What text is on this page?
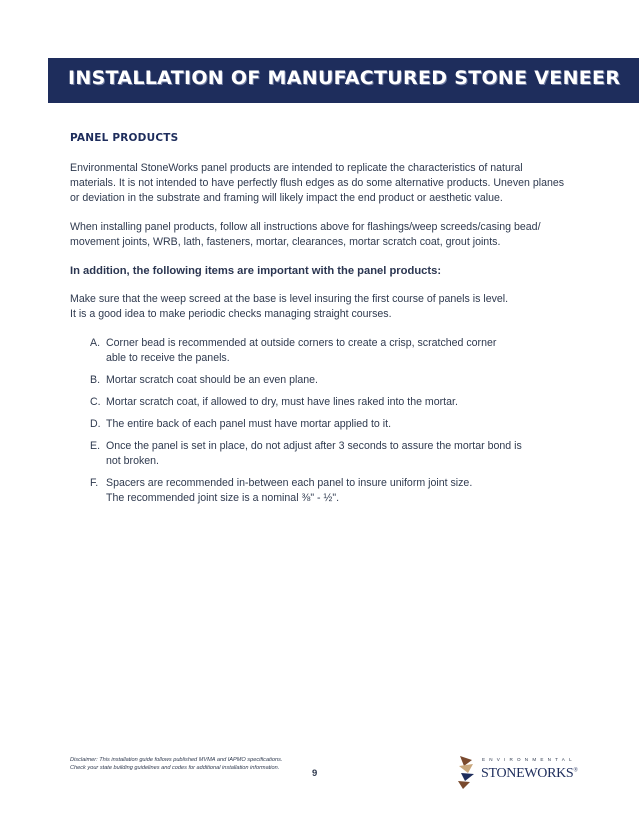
INSTALLATION OF MANUFACTURED STONE VENEER
PANEL PRODUCTS

Environmental StoneWorks panel products are intended to replicate the characteristics of natural materials. It is not intended to have perfectly flush edges as do some alternative products. Uneven planes or deviation in the substrate and framing will likely impact the end product or aesthetic value.

When installing panel products, follow all instructions above for flashings/weep screeds/casing bead/ movement joints, WRB, lath, fasteners, mortar, clearances, mortar scratch coat, grout joints.

In addition, the following items are important with the panel products:

Make sure that the weep screed at the base is level insuring the first course of panels is level.
It is a good idea to make periodic checks managing straight courses.

A. Corner bead is recommended at outside corners to create a crisp, scratched corner
able to receive the panels.
B. Mortar scratch coat should be an even plane.
C. Mortar scratch coat, if allowed to dry, must have lines raked into the mortar.
D. The entire back of each panel must have mortar applied to it.
E. Once the panel is set in place, do not adjust after 3 seconds to assure the mortar bond is
not broken.
F. Spacers are recommended in-between each panel to insure uniform joint size.
The recommended joint size is a nominal ⅜" - ½".
Disclaimer: This installation guide follows published MVMA and IAPMO specifications.
Check your state building guidelines and codes for additional installation information.	9
ENVIRONMENTAL
STONEWORKS®
